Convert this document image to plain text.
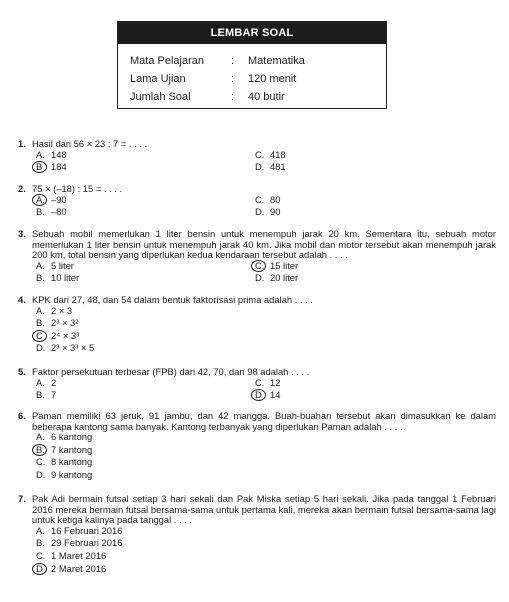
LEMBAR SOAL
Mata Pelajaran	: Matematika
Lama Ujian	: 120 menit
Jumlah Soal	: 40 butir
1. Hasil dari 56 × 23 : 7 = . . . .
A. 148
B 184
C. 418
D. 481
2. 75 × (–18) : 15 = . . . .
A. –90
B. –80
C. 80
D. 90
3. Sebuah mobil memerlukan 1 liter bensin untuk menempuh jarak 20 km. Sementara itu, sebuah motor memerlukan 1 liter bensin untuk menempuh jarak 40 km. Jika mobil dan motor tersebut akan menempuh jarak 200 km, total bensin yang diperlukan kedua kendaraan tersebut adalah . . . .
A. 5 liter
B. 10 liter
C. 15 liter
D. 20 liter
4. KPK dari 27, 48, dan 54 dalam bentuk faktorisasi prima adalah . . . .
A. 2 × 3
B. 2³ × 3²
C 2⁴ × 3³
D. 2³ × 3³ × 5
5. Faktor persekutuan terbesar (FPB) dari 42, 70, dan 98 adalah . . . .
A. 2
B. 7
C. 12
D 14
6. Paman memiliki 63 jeruk, 91 jambu, dan 42 mangga. Buah-buahan tersebut akan dimasukkan ke dalam beberapa kantong sama banyak. Kantong terbanyak yang diperlukan Paman adalah . . . .
A. 6 kantong
B. 7 kantong
C. 8 kantong
D. 9 kantong
7. Pak Adi bermain futsal setiap 3 hari sekali dan Pak Miska setiap 5 hari sekali. Jika pada tanggal 1 Februari 2016 mereka bermain futsal bersama-sama untuk pertama kali, mereka akan bermain futsal bersama-sama lagi untuk ketiga kalinya pada tanggal . . . .
A. 16 Februari 2016
B. 29 Februari 2016
C. 1 Maret 2016
D 2 Maret 2016
